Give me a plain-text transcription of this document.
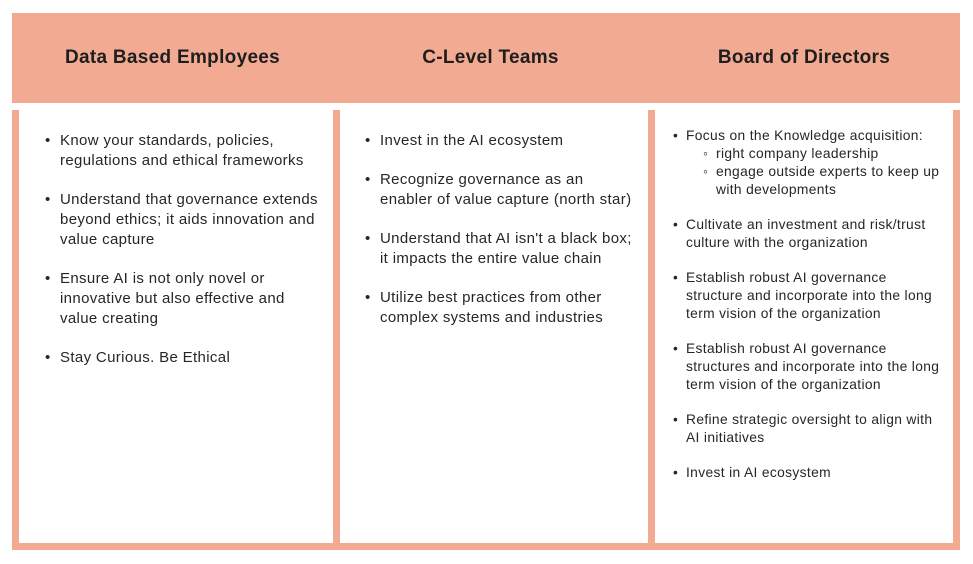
Data Based Employees	C-Level Teams	Board of Directors
• Know your standards, policies, regulations and ethical frameworks
• Understand that governance extends beyond ethics; it aids innovation and value capture
• Ensure AI is not only novel or innovative but also effective and value creating
• Stay Curious. Be Ethical
• Invest in the AI ecosystem
• Recognize governance as an enabler of value capture (north star)
• Understand that AI isn't a black box; it impacts the entire value chain
• Utilize best practices from other complex systems and industries
• Focus on the Knowledge acquisition:
◦ right company leadership
◦ engage outside experts to keep up with developments
• Cultivate an investment and risk/trust culture with the organization
• Establish robust AI governance structure and incorporate into the long term vision of the organization
• Establish robust AI governance structures and incorporate into the long term vision of the organization
• Refine strategic oversight to align with AI initiatives
• Invest in AI ecosystem
